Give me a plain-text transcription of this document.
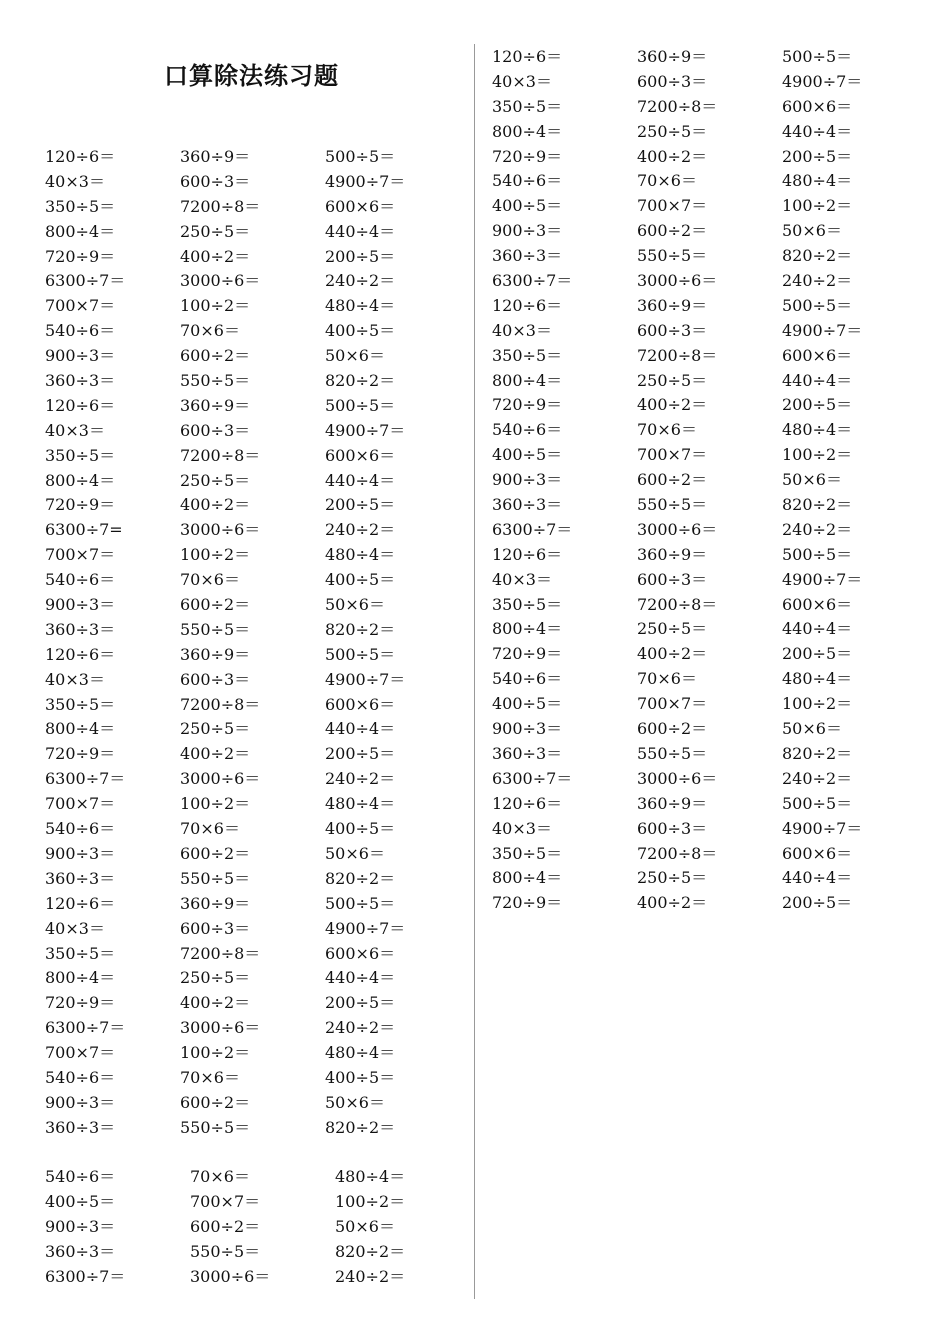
口算除法练习题
120÷6＝	360÷9＝	500÷5＝
40×3＝	600÷3＝	4900÷7＝
350÷5＝	7200÷8＝	600×6＝
800÷4＝	250÷5＝	440÷4＝
720÷9＝	400÷2＝	200÷5＝
6300÷7＝	3000÷6＝	240÷2＝
700×7＝	100÷2＝	480÷4＝
540÷6＝	70×6＝	400÷5＝
900÷3＝	600÷2＝	50×6＝
360÷3＝	550÷5＝	820÷2＝
120÷6＝	360÷9＝	500÷5＝
40×3＝	600÷3＝	4900÷7＝
350÷5＝	7200÷8＝	600×6＝
800÷4＝	250÷5＝	440÷4＝
720÷9＝	400÷2＝	200÷5＝
6300÷7=	3000÷6＝	240÷2＝
700×7＝	100÷2＝	480÷4＝
540÷6＝	70×6＝	400÷5＝
900÷3＝	600÷2＝	50×6＝
360÷3＝	550÷5＝	820÷2＝
120÷6＝	360÷9＝	500÷5＝
40×3＝	600÷3＝	4900÷7＝
350÷5＝	7200÷8＝	600×6＝
800÷4＝	250÷5＝	440÷4＝
720÷9＝	400÷2＝	200÷5＝
6300÷7＝	3000÷6＝	240÷2＝
700×7＝	100÷2＝	480÷4＝
540÷6＝	70×6＝	400÷5＝
900÷3＝	600÷2＝	50×6＝
360÷3＝	550÷5＝	820÷2＝
120÷6＝	360÷9＝	500÷5＝
40×3＝	600÷3＝	4900÷7＝
350÷5＝	7200÷8＝	600×6＝
800÷4＝	250÷5＝	440÷4＝
720÷9＝	400÷2＝	200÷5＝
6300÷7＝	3000÷6＝	240÷2＝
700×7＝	100÷2＝	480÷4＝
540÷6＝	70×6＝	400÷5＝
900÷3＝	600÷2＝	50×6＝
360÷3＝	550÷5＝	820÷2＝
540÷6＝	70×6＝	480÷4＝
400÷5＝	700×7＝	100÷2＝
900÷3＝	600÷2＝	50×6＝
360÷3＝	550÷5＝	820÷2＝
6300÷7＝	3000÷6＝	240÷2＝
120÷6＝	360÷9＝	500÷5＝
40×3＝	600÷3＝	4900÷7＝
350÷5＝	7200÷8＝	600×6＝
800÷4＝	250÷5＝	440÷4＝
720÷9＝	400÷2＝	200÷5＝
540÷6＝	70×6＝	480÷4＝
400÷5＝	700×7＝	100÷2＝
900÷3＝	600÷2＝	50×6＝
360÷3＝	550÷5＝	820÷2＝
6300÷7＝	3000÷6＝	240÷2＝
120÷6＝	360÷9＝	500÷5＝
40×3＝	600÷3＝	4900÷7＝
350÷5＝	7200÷8＝	600×6＝
800÷4＝	250÷5＝	440÷4＝
720÷9＝	400÷2＝	200÷5＝
540÷6＝	70×6＝	480÷4＝
400÷5＝	700×7＝	100÷2＝
900÷3＝	600÷2＝	50×6＝
360÷3＝	550÷5＝	820÷2＝
6300÷7＝	3000÷6＝	240÷2＝
120÷6＝	360÷9＝	500÷5＝
40×3＝	600÷3＝	4900÷7＝
350÷5＝	7200÷8＝	600×6＝
800÷4＝	250÷5＝	440÷4＝
720÷9＝	400÷2＝	200÷5＝
540÷6＝	70×6＝	480÷4＝
400÷5＝	700×7＝	100÷2＝
900÷3＝	600÷2＝	50×6＝
360÷3＝	550÷5＝	820÷2＝
6300÷7＝	3000÷6＝	240÷2＝
120÷6＝	360÷9＝	500÷5＝
40×3＝	600÷3＝	4900÷7＝
350÷5＝	7200÷8＝	600×6＝
800÷4＝	250÷5＝	440÷4＝
720÷9＝	400÷2＝	200÷5＝
